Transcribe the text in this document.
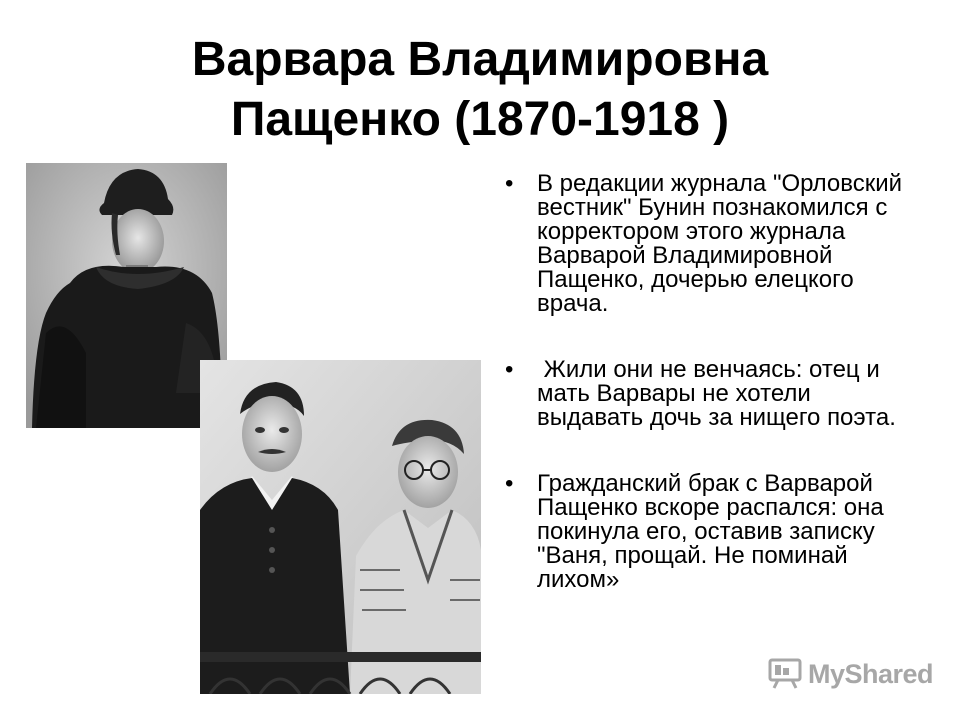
Варвара Владимировна
Пащенко (1870-1918 )
• В редакции журнала "Орловский вестник" Бунин познакомился с корректором этого журнала Варварой Владимировной Пащенко, дочерью елецкого врача.
• Жили они не венчаясь: отец и мать Варвары не хотели выдавать дочь за нищего поэта.
• Гражданский брак с Варварой Пащенко вскоре распался: она покинула его, оставив записку "Ваня, прощай. Не поминай лихом»
MyShared
